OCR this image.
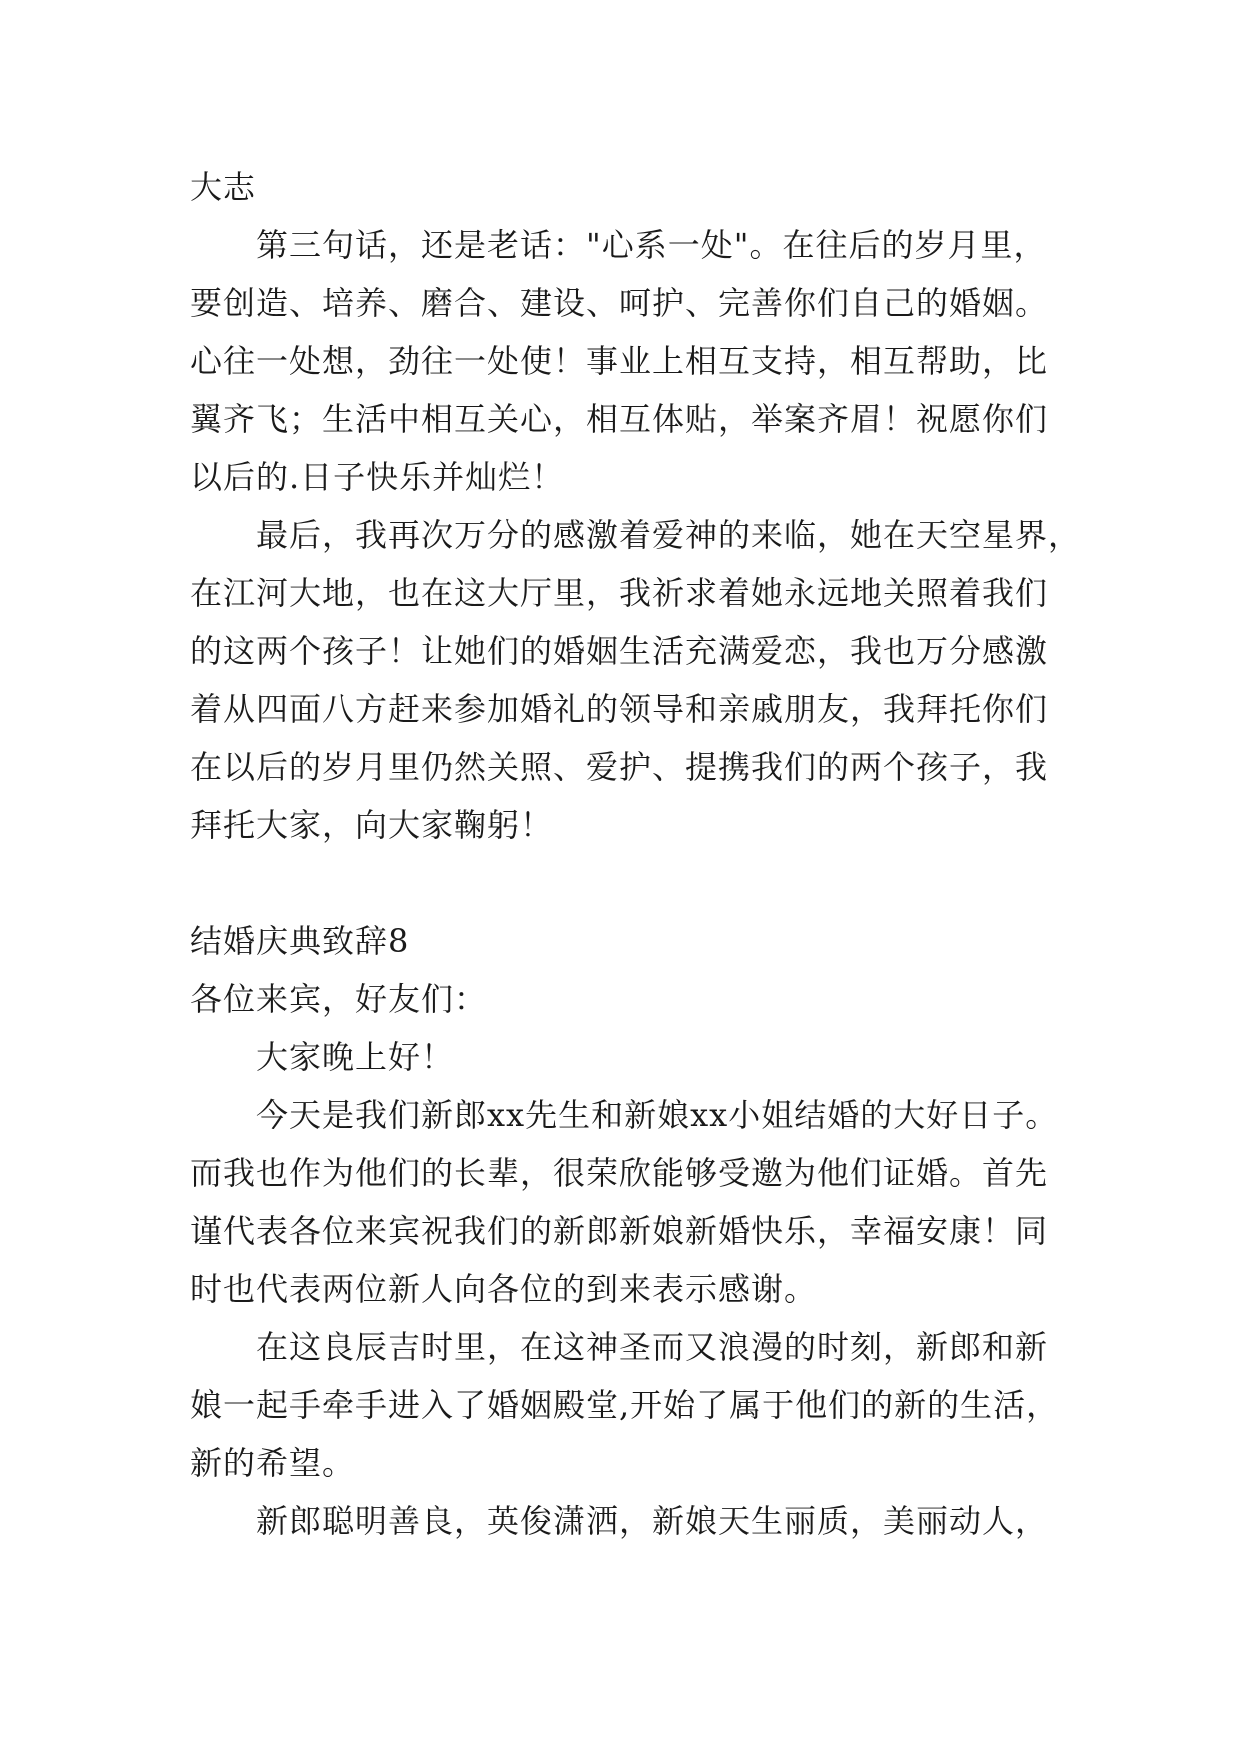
大志
第三句话，还是老话："心系一处"。在往后的岁月里，
要创造、培养、磨合、建设、呵护、完善你们自己的婚姻。
心往一处想，劲往一处使！事业上相互支持，相互帮助，比
翼齐飞；生活中相互关心，相互体贴，举案齐眉！祝愿你们
以后的.日子快乐并灿烂！
最后，我再次万分的感激着爱神的来临，她在天空星界，
在江河大地，也在这大厅里，我祈求着她永远地关照着我们
的这两个孩子！让她们的婚姻生活充满爱恋，我也万分感激
着从四面八方赶来参加婚礼的领导和亲戚朋友，我拜托你们
在以后的岁月里仍然关照、爱护、提携我们的两个孩子，我
拜托大家，向大家鞠躬！
结婚庆典致辞8
各位来宾，好友们：
大家晚上好！
今天是我们新郎xx先生和新娘xx小姐结婚的大好日子。
而我也作为他们的长辈，很荣欣能够受邀为他们证婚。首先
谨代表各位来宾祝我们的新郎新娘新婚快乐，幸福安康！同
时也代表两位新人向各位的到来表示感谢。
在这良辰吉时里，在这神圣而又浪漫的时刻，新郎和新
娘一起手牵手进入了婚姻殿堂,开始了属于他们的新的生活，
新的希望。
新郎聪明善良，英俊潇洒，新娘天生丽质，美丽动人，
